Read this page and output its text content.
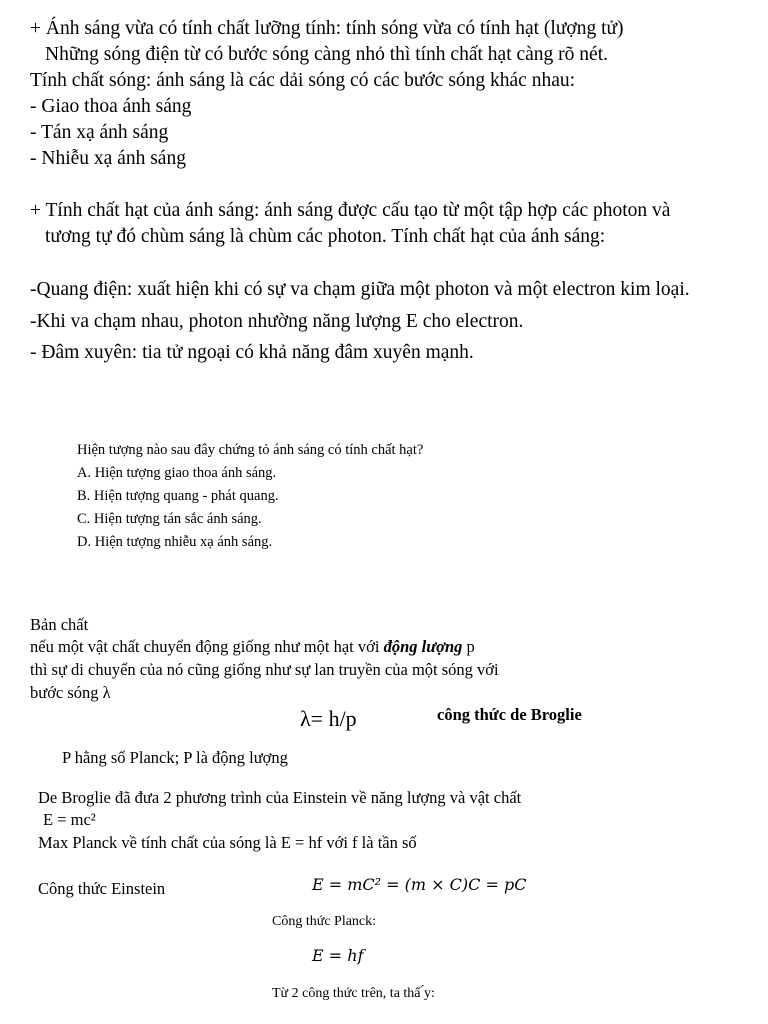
+ Ánh sáng vừa có tính chất lưỡng tính: tính sóng vừa có tính hạt (lượng tử)
Những sóng điện từ có bước sóng càng nhỏ thì tính chất hạt càng rõ nét.
Tính chất sóng: ánh sáng là các dải sóng có các bước sóng khác nhau:
- Giao thoa ánh sáng
- Tán xạ ánh sáng
- Nhiễu xạ ánh sáng
+ Tính chất hạt của ánh sáng: ánh sáng được cấu tạo từ một tập hợp các photon và
tương tự đó chùm sáng là chùm các photon. Tính chất hạt của ánh sáng:
-Quang điện: xuất hiện khi có sự va chạm giữa một photon và một electron kim loại.
-Khi va chạm nhau, photon nhường năng lượng E cho electron.
- Đâm xuyên: tia tử ngoại có khả năng đâm xuyên mạnh.
Hiện tượng nào sau đây chứng tỏ ánh sáng có tính chất hạt?
A. Hiện tượng giao thoa ánh sáng.
B. Hiện tượng quang - phát quang.
C. Hiện tượng tán sắc ánh sáng.
D. Hiện tượng nhiễu xạ ánh sáng.
Bản chất
nếu một vật chất chuyển động giống như một hạt với động lượng p
thì sự di chuyển của nó cũng giống như sự lan truyền của một sóng với
bước sóng λ
λ= h/p	công thức de Broglie
P hằng số Planck; P là động lượng
De Broglie đã đưa 2 phương trình của Einstein về năng lượng và vật chất
E = mc²
Max Planck về tính chất của sóng là E = hf với f là tần số
Công thức Einstein	E = mC² = (m × C)C = pC
Công thức Planck:
E = hf
Từ 2 công thức trên, ta thấ ́y:
